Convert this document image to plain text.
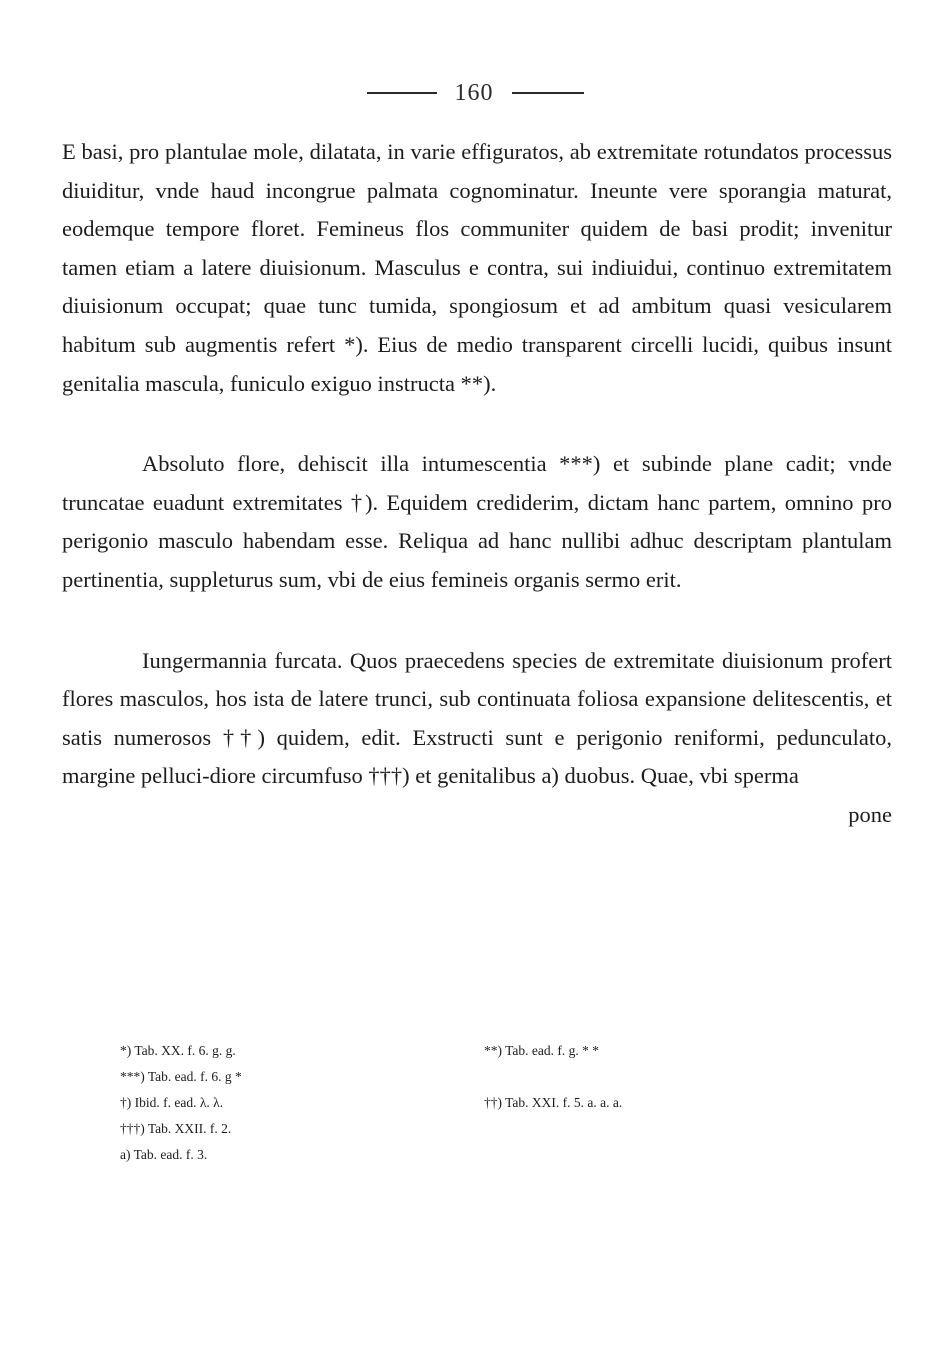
160

E basi, pro plantulae mole, dilatata, in varie effiguratos, ab extremitate rotundatos processus diuiditur, vnde haud incongrue palmata cognominatur. Ineunte vere sporangia maturat, eodemque tempore floret. Femineus flos communiter quidem de basi prodit; invenitur tamen etiam a latere diuisionum. Masculus e contra, sui indiuidui, continuo extremitatem diuisionum occupat; quae tunc tumida, spongiosum et ad ambitum quasi vesicularem habitum sub augmentis refert *). Eius de medio transparent circelli lucidi, quibus insunt genitalia mascula, funiculo exiguo instructa **).

Absoluto flore, dehiscit illa intumescentia ***) et subinde plane cadit; vnde truncatae euadunt extremitates †). Equidem crediderim, dictam hanc partem, omnino pro perigonio masculo habendam esse. Reliqua ad hanc nullibi adhuc descriptam plantulam pertinentia, suppleturus sum, vbi de eius femineis organis sermo erit.

Iungermannia furcata. Quos praecedens species de extremitate diuisionum profert flores masculos, hos ista de latere trunci, sub continuata foliosa expansione delitescentis, et satis numerosos ††) quidem, edit. Exstructi sunt e perigonio reniformi, pedunculato, margine pelluci-diore circumfuso †††) et genitalibus a) duobus. Quae, vbi sperma

pone

*) Tab. XX. f. 6. g. g.
***) Tab. ead. f. 6. g *
†) Ibid. f. ead. λ. λ.
†††) Tab. XXII. f. 2.
a) Tab. ead. f. 3.
**) Tab. ead. f. g. * *
††) Tab. XXI. f. 5. a. a. a.
